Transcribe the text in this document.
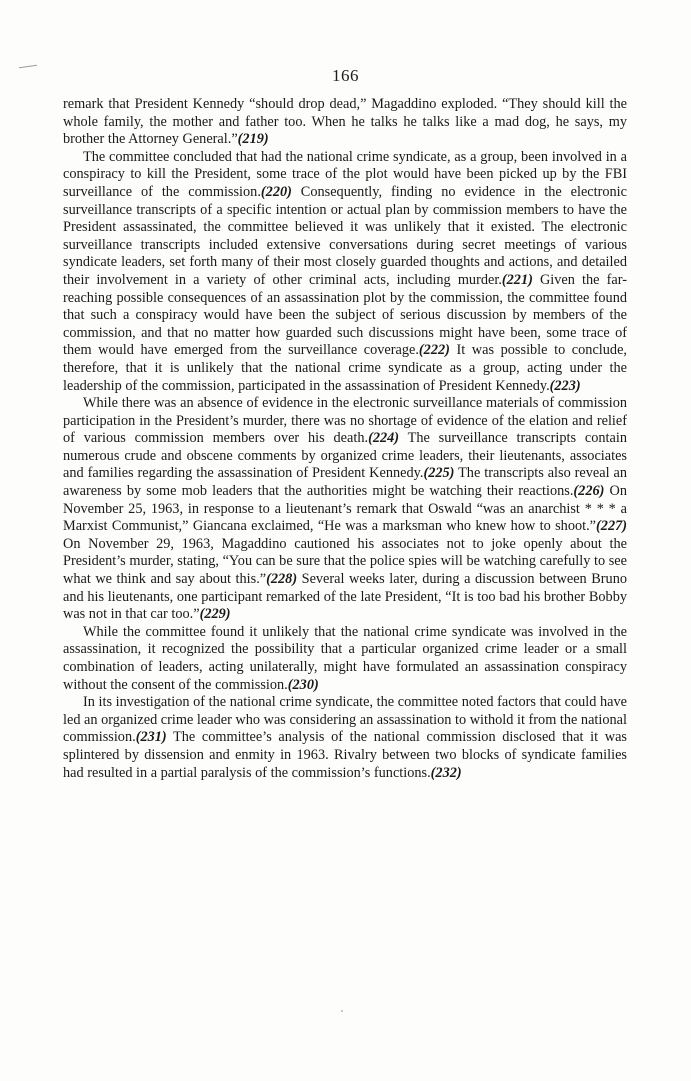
166

remark that President Kennedy “should drop dead,” Magaddino exploded. “They should kill the whole family, the mother and father too. When he talks he talks like a mad dog, he says, my brother the Attorney General.”(219)

The committee concluded that had the national crime syndicate, as a group, been involved in a conspiracy to kill the President, some trace of the plot would have been picked up by the FBI surveillance of the commission.(220) Consequently, finding no evidence in the electronic surveillance transcripts of a specific intention or actual plan by commission members to have the President assassinated, the committee believed it was unlikely that it existed. The electronic surveillance transcripts included extensive conversations during secret meetings of various syndicate leaders, set forth many of their most closely guarded thoughts and actions, and detailed their involvement in a variety of other criminal acts, including murder.(221) Given the far-reaching possible consequences of an assassination plot by the commission, the committee found that such a conspiracy would have been the subject of serious discussion by members of the commission, and that no matter how guarded such discussions might have been, some trace of them would have emerged from the surveillance coverage.(222) It was possible to conclude, therefore, that it is unlikely that the national crime syndicate as a group, acting under the leadership of the commission, participated in the assassination of President Kennedy.(223)

While there was an absence of evidence in the electronic surveillance materials of commission participation in the President’s murder, there was no shortage of evidence of the elation and relief of various commission members over his death.(224) The surveillance transcripts contain numerous crude and obscene comments by organized crime leaders, their lieutenants, associates and families regarding the assassination of President Kennedy.(225) The transcripts also reveal an awareness by some mob leaders that the authorities might be watching their reactions.(226) On November 25, 1963, in response to a lieutenant’s remark that Oswald “was an anarchist * * * a Marxist Communist,” Giancana exclaimed, “He was a marksman who knew how to shoot.”(227) On November 29, 1963, Magaddino cautioned his associates not to joke openly about the President’s murder, stating, “You can be sure that the police spies will be watching carefully to see what we think and say about this.”(228) Several weeks later, during a discussion between Bruno and his lieutenants, one participant remarked of the late President, “It is too bad his brother Bobby was not in that car too.”(229)

While the committee found it unlikely that the national crime syndicate was involved in the assassination, it recognized the possibility that a particular organized crime leader or a small combination of leaders, acting unilaterally, might have formulated an assassination conspiracy without the consent of the commission.(230)

In its investigation of the national crime syndicate, the committee noted factors that could have led an organized crime leader who was considering an assassination to withold it from the national commission.(231) The committee’s analysis of the national commission disclosed that it was splintered by dissension and enmity in 1963. Rivalry between two blocks of syndicate families had resulted in a partial paralysis of the commission’s functions.(232)
